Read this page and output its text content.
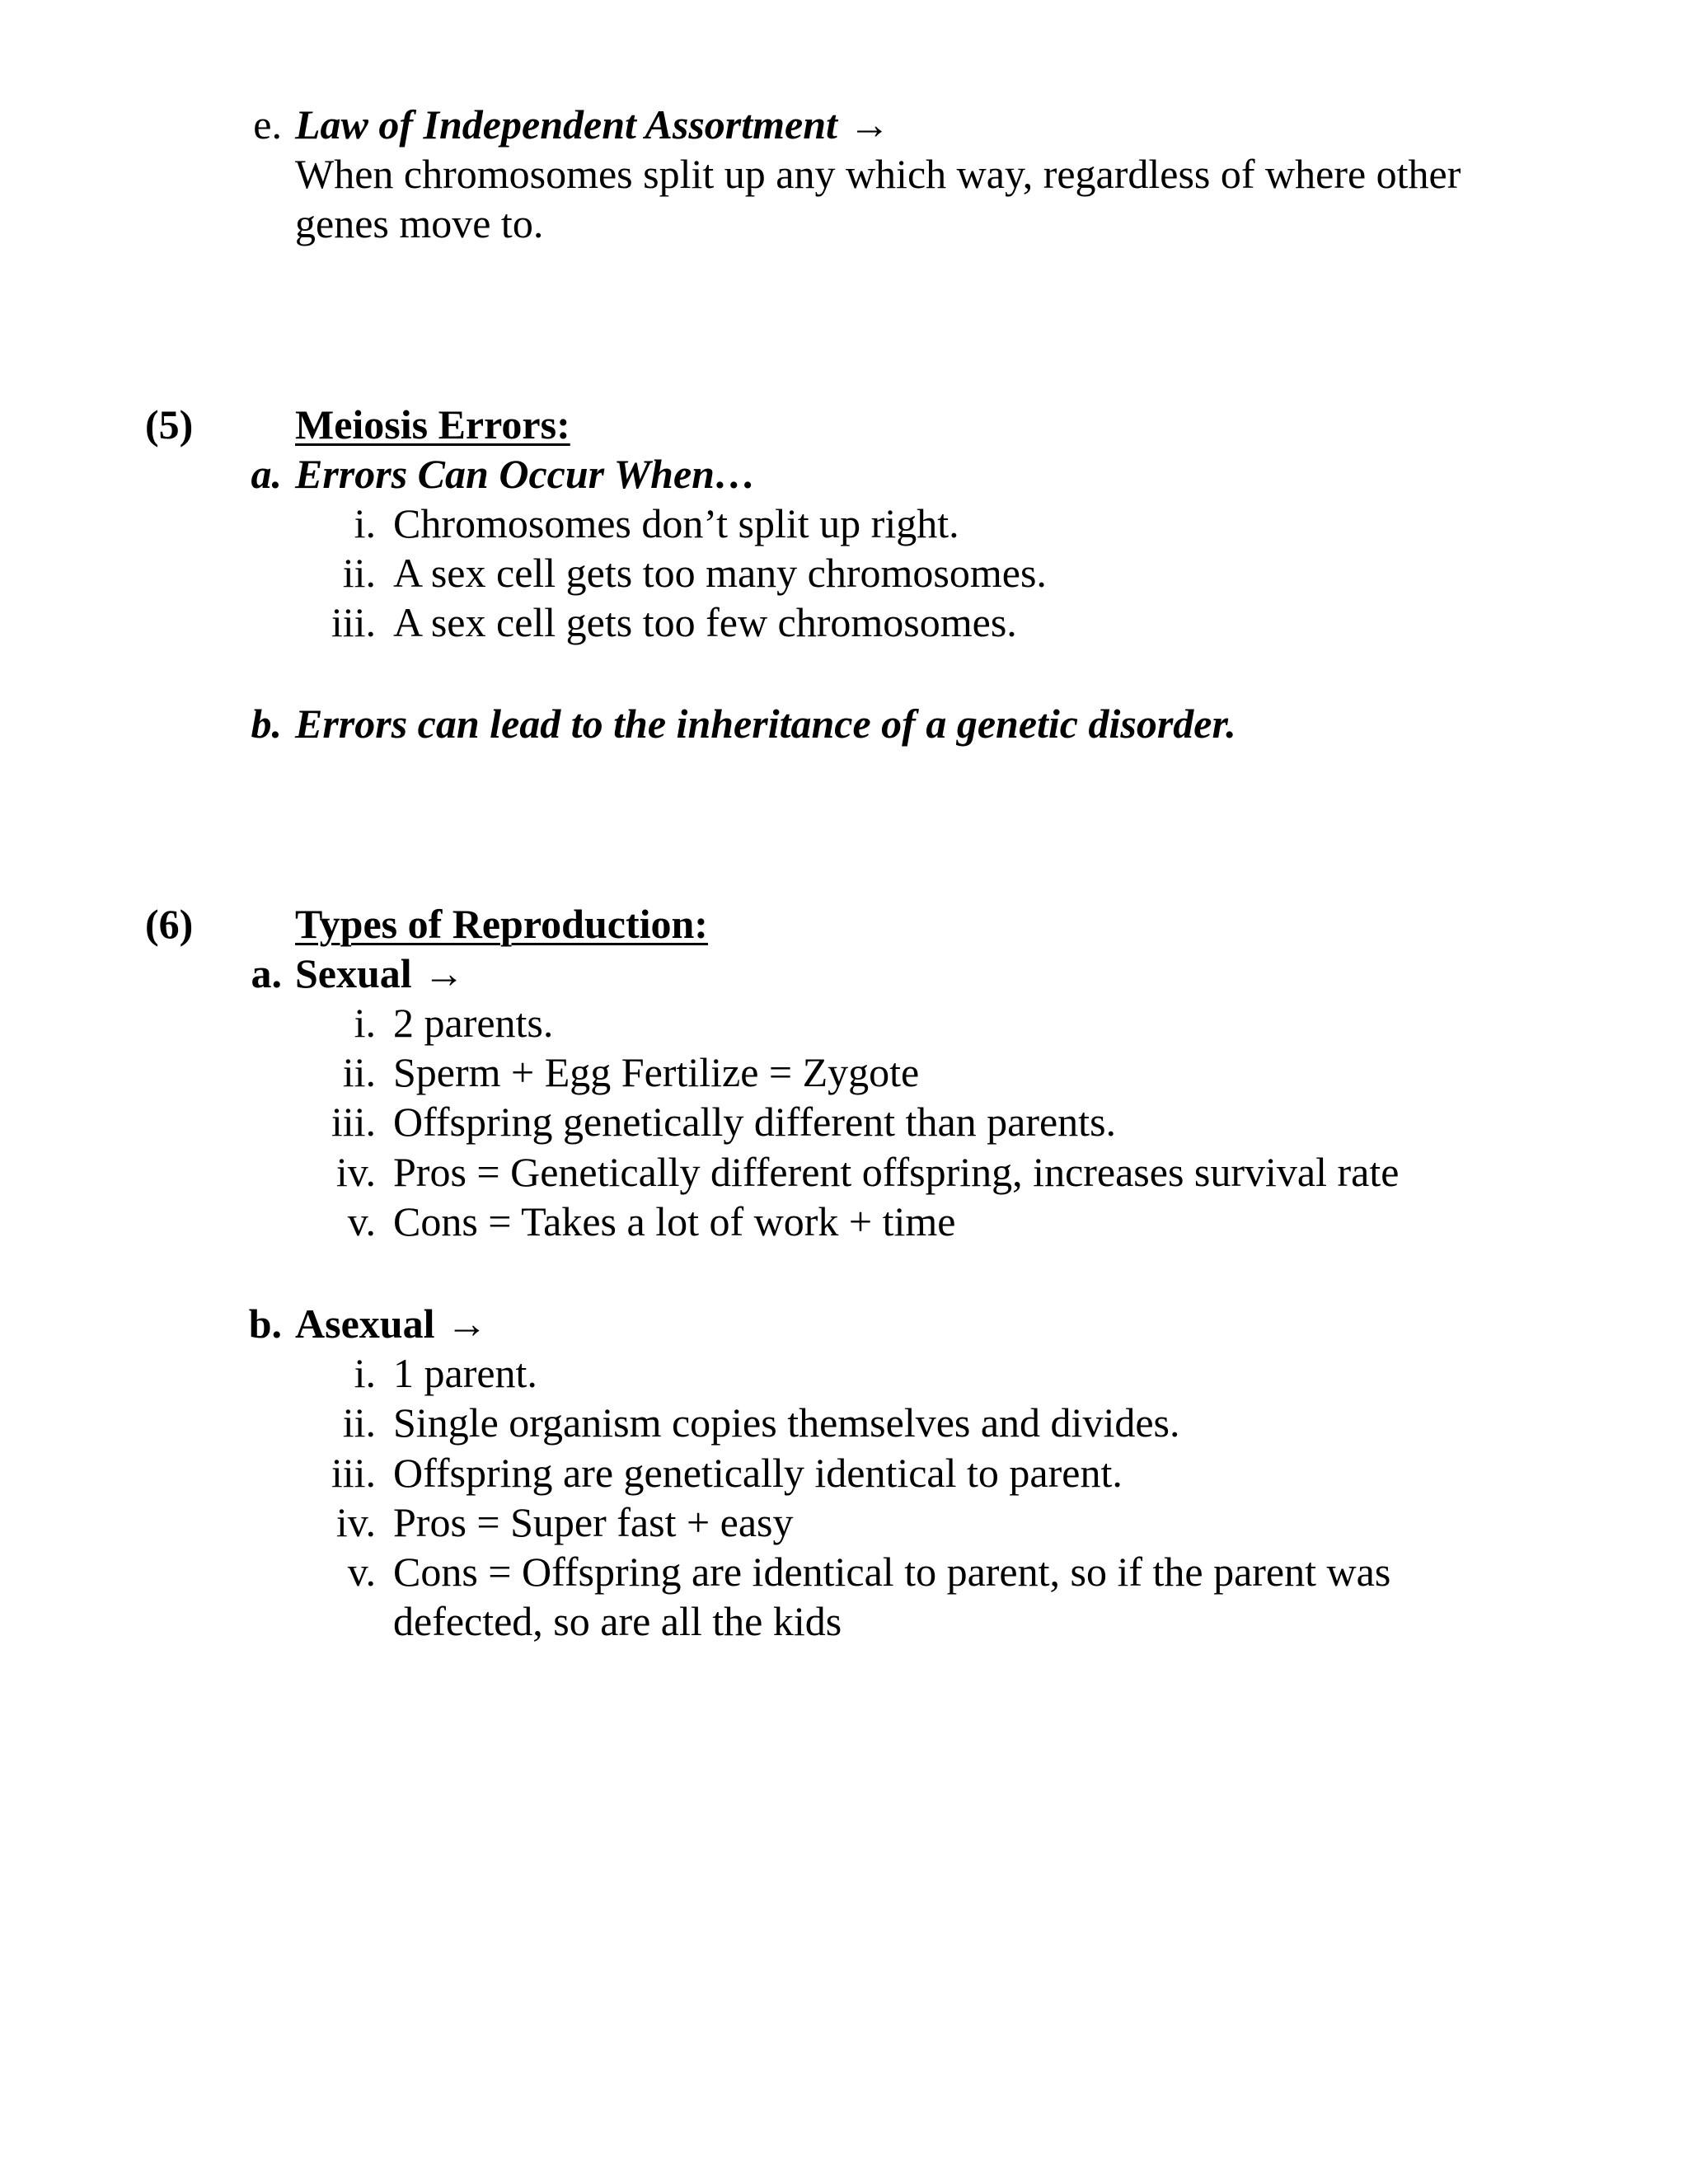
e. Law of Independent Assortment →
When chromosomes split up any which way, regardless of where other
genes move to.
(5) Meiosis Errors:
a. Errors Can Occur When…
i. Chromosomes don’t split up right.
ii. A sex cell gets too many chromosomes.
iii. A sex cell gets too few chromosomes.
b. Errors can lead to the inheritance of a genetic disorder.
(6) Types of Reproduction:
a. Sexual →
i. 2 parents.
ii. Sperm + Egg Fertilize = Zygote
iii. Offspring genetically different than parents.
iv. Pros = Genetically different offspring, increases survival rate
v. Cons = Takes a lot of work + time
b. Asexual →
i. 1 parent.
ii. Single organism copies themselves and divides.
iii. Offspring are genetically identical to parent.
iv. Pros = Super fast + easy
v. Cons = Offspring are identical to parent, so if the parent was
defected, so are all the kids
